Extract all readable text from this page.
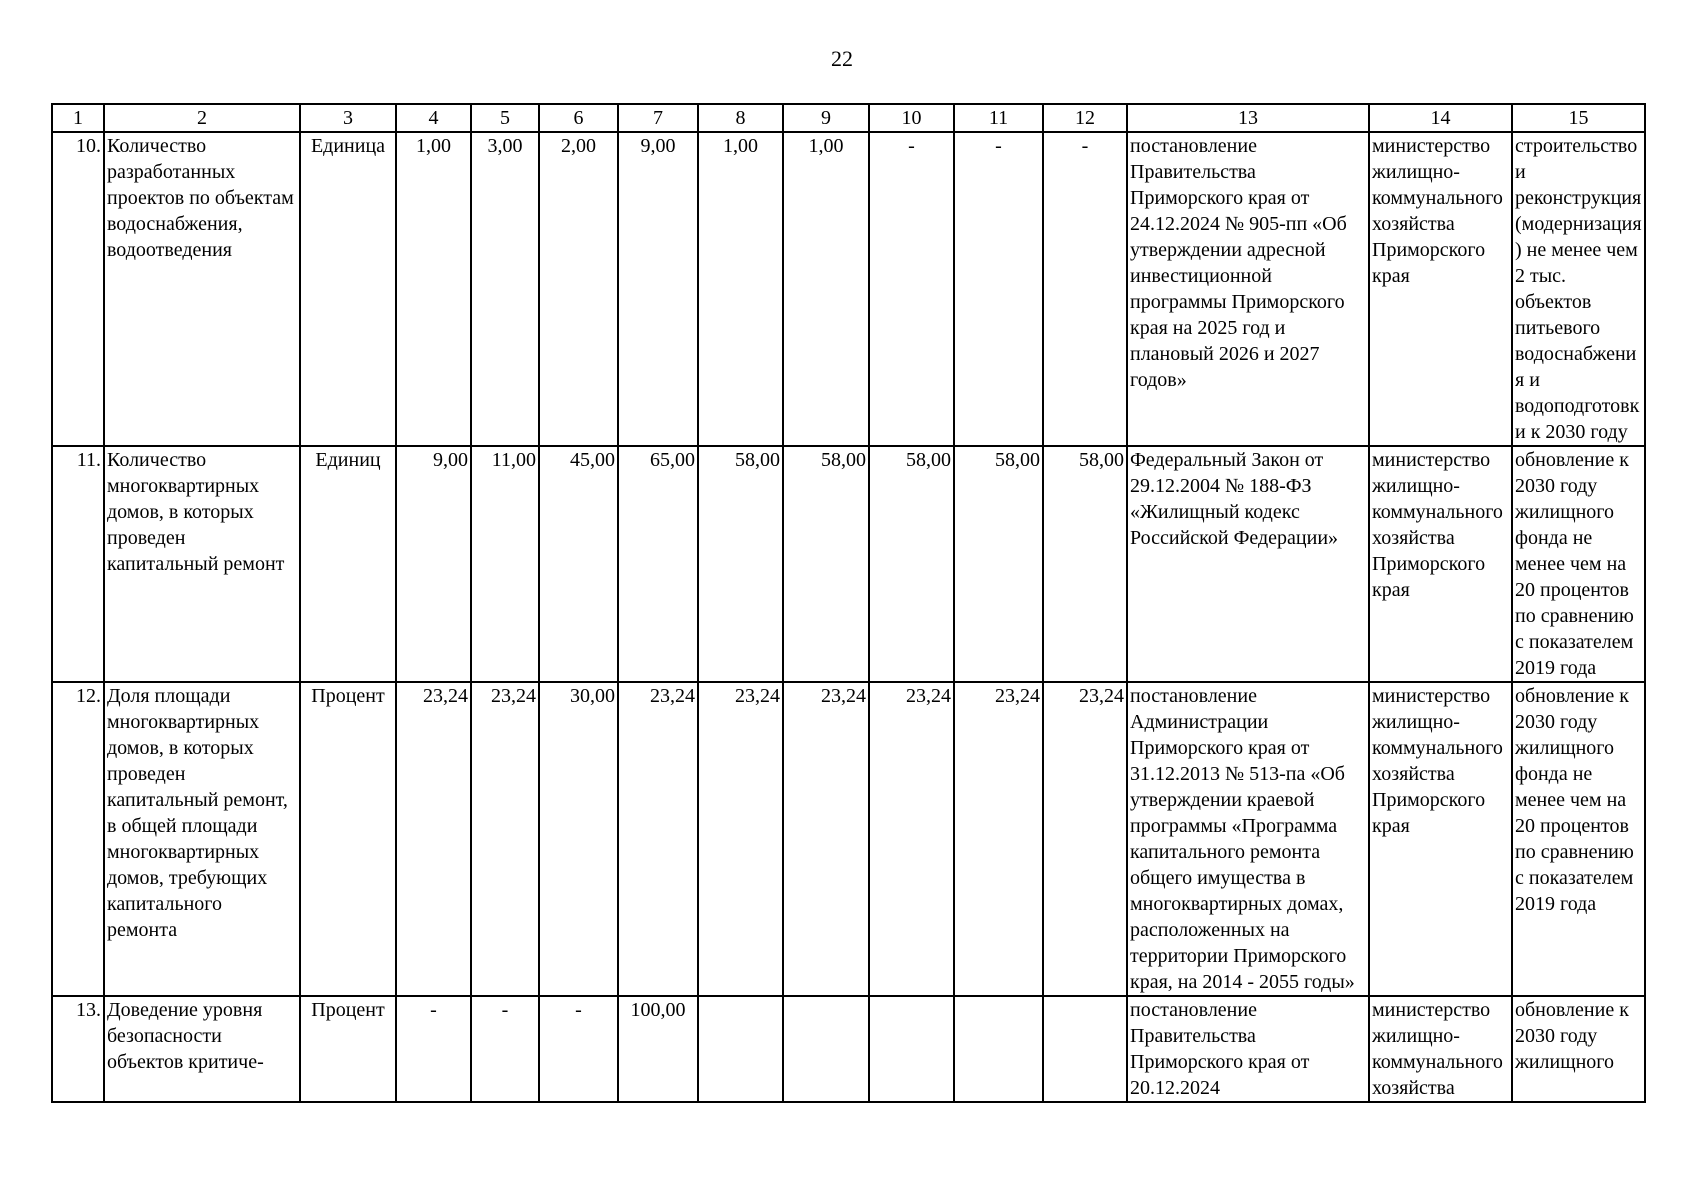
22
1	2	3	4	5	6	7	8	9	10	11	12	13	14	15
10.	Количество разработанных проектов по объектам водоснабжения, водоотведения	Единица	1,00	3,00	2,00	9,00	1,00	1,00	-	-	-	постановление Правительства Приморского края от 24.12.2024 № 905-пп «Об утверждении адресной инвестиционной программы Приморского края на 2025 год и плановый 2026 и 2027 годов»	министерство жилищно-коммунального хозяйства Приморского края	строительство и реконструкция (модернизация) не менее чем 2 тыс. объектов питьевого водоснабжения и водоподготовки к 2030 году
11.	Количество многоквартирных домов, в которых проведен капитальный ремонт	Единиц	9,00	11,00	45,00	65,00	58,00	58,00	58,00	58,00	58,00	Федеральный Закон от 29.12.2004 № 188-ФЗ «Жилищный кодекс Российской Федерации»	министерство жилищно-коммунального хозяйства Приморского края	обновление к 2030 году жилищного фонда не менее чем на 20 процентов по сравнению с показателем 2019 года
12.	Доля площади многоквартирных домов, в которых проведен капитальный ремонт, в общей площади многоквартирных домов, требующих капитального ремонта	Процент	23,24	23,24	30,00	23,24	23,24	23,24	23,24	23,24	23,24	постановление Администрации Приморского края от 31.12.2013 № 513-па «Об утверждении краевой программы «Программа капитального ремонта общего имущества в многоквартирных домах, расположенных на территории Приморского края, на 2014 - 2055 годы»	министерство жилищно-коммунального хозяйства Приморского края	обновление к 2030 году жилищного фонда не менее чем на 20 процентов по сравнению с показателем 2019 года
13.	Доведение уровня безопасности объектов критиче-	Процент	-	-	-	100,00						постановление Правительства Приморского края от 20.12.2024	министерство жилищно-коммунального хозяйства	обновление к 2030 году жилищного
